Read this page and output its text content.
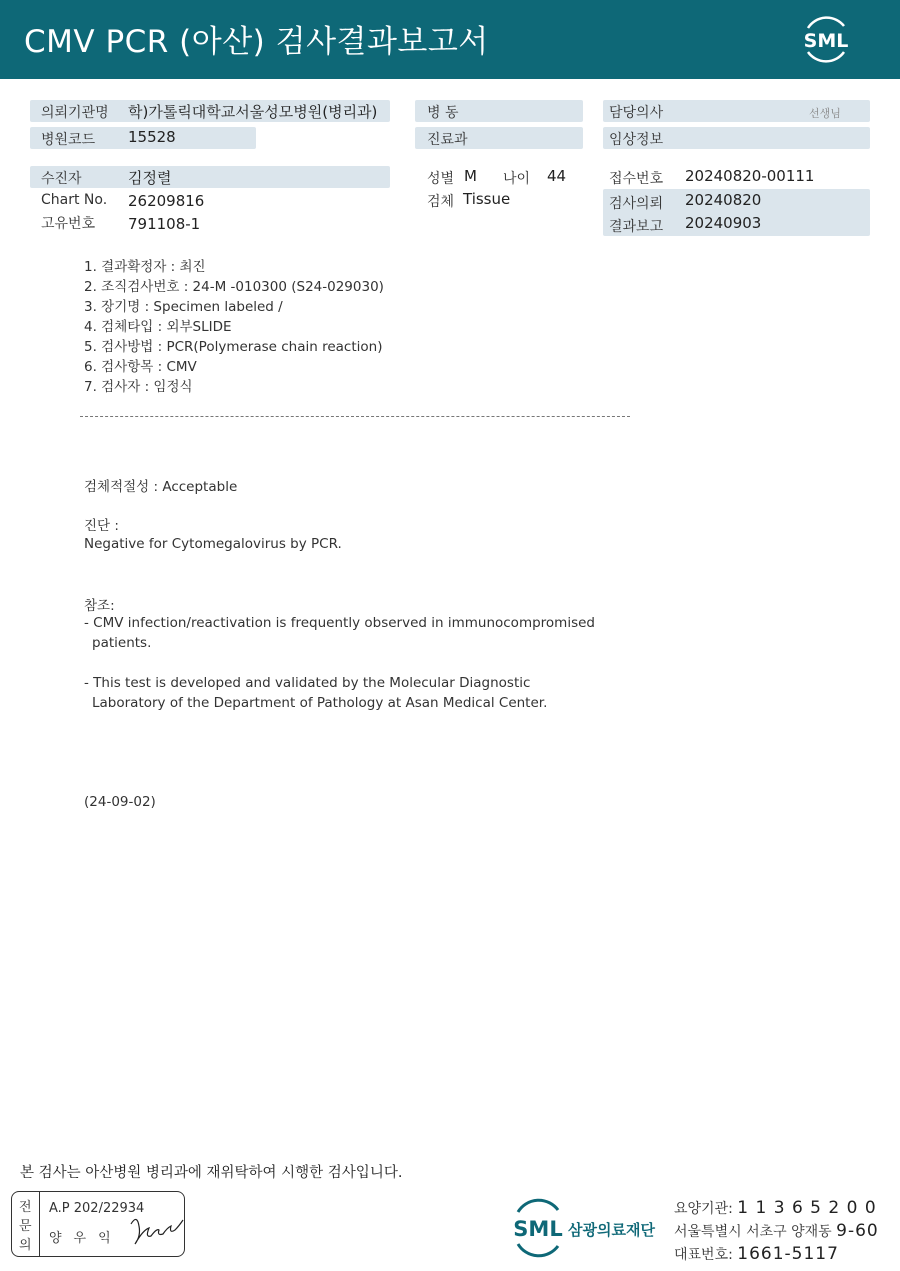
CMV PCR (아산) 검사결과보고서	SML
의뢰기관명 학)가톨릭대학교서울성모병원(병리과)	병 동	담당의사	선생님
병원코드 15528	진료과	임상정보
수진자	김정렬
Chart No. 26209816
고유번호 791108-1
성별 M 나이 44
검체 Tissue
접수번호 20240820-00111
검사의뢰 20240820
결과보고 20240903
1. 결과확정자 : 최진
2. 조직검사번호 : 24-M -010300 (S24-029030)
3. 장기명 : Specimen labeled /
4. 검체타입 : 외부SLIDE
5. 검사방법 : PCR(Polymerase chain reaction)
6. 검사항목 : CMV
7. 검사자 : 임정식
검체적절성 : Acceptable
진단 :
Negative for Cytomegalovirus by PCR.
참조:
- CMV infection/reactivation is frequently observed in immunocompromised
patients.
- This test is developed and validated by the Molecular Diagnostic
Laboratory of the Department of Pathology at Asan Medical Center.
(24-09-02)
본 검사는 아산병원 병리과에 재위탁하여 시행한 검사입니다.
전
문
의
A.P 202/22934
양우익	SML 삼광의료재단
요양기관: 1 1 3 6 5 2 0 0
서울특별시 서초구 양재동 9-60
대표번호: 1661-5117
